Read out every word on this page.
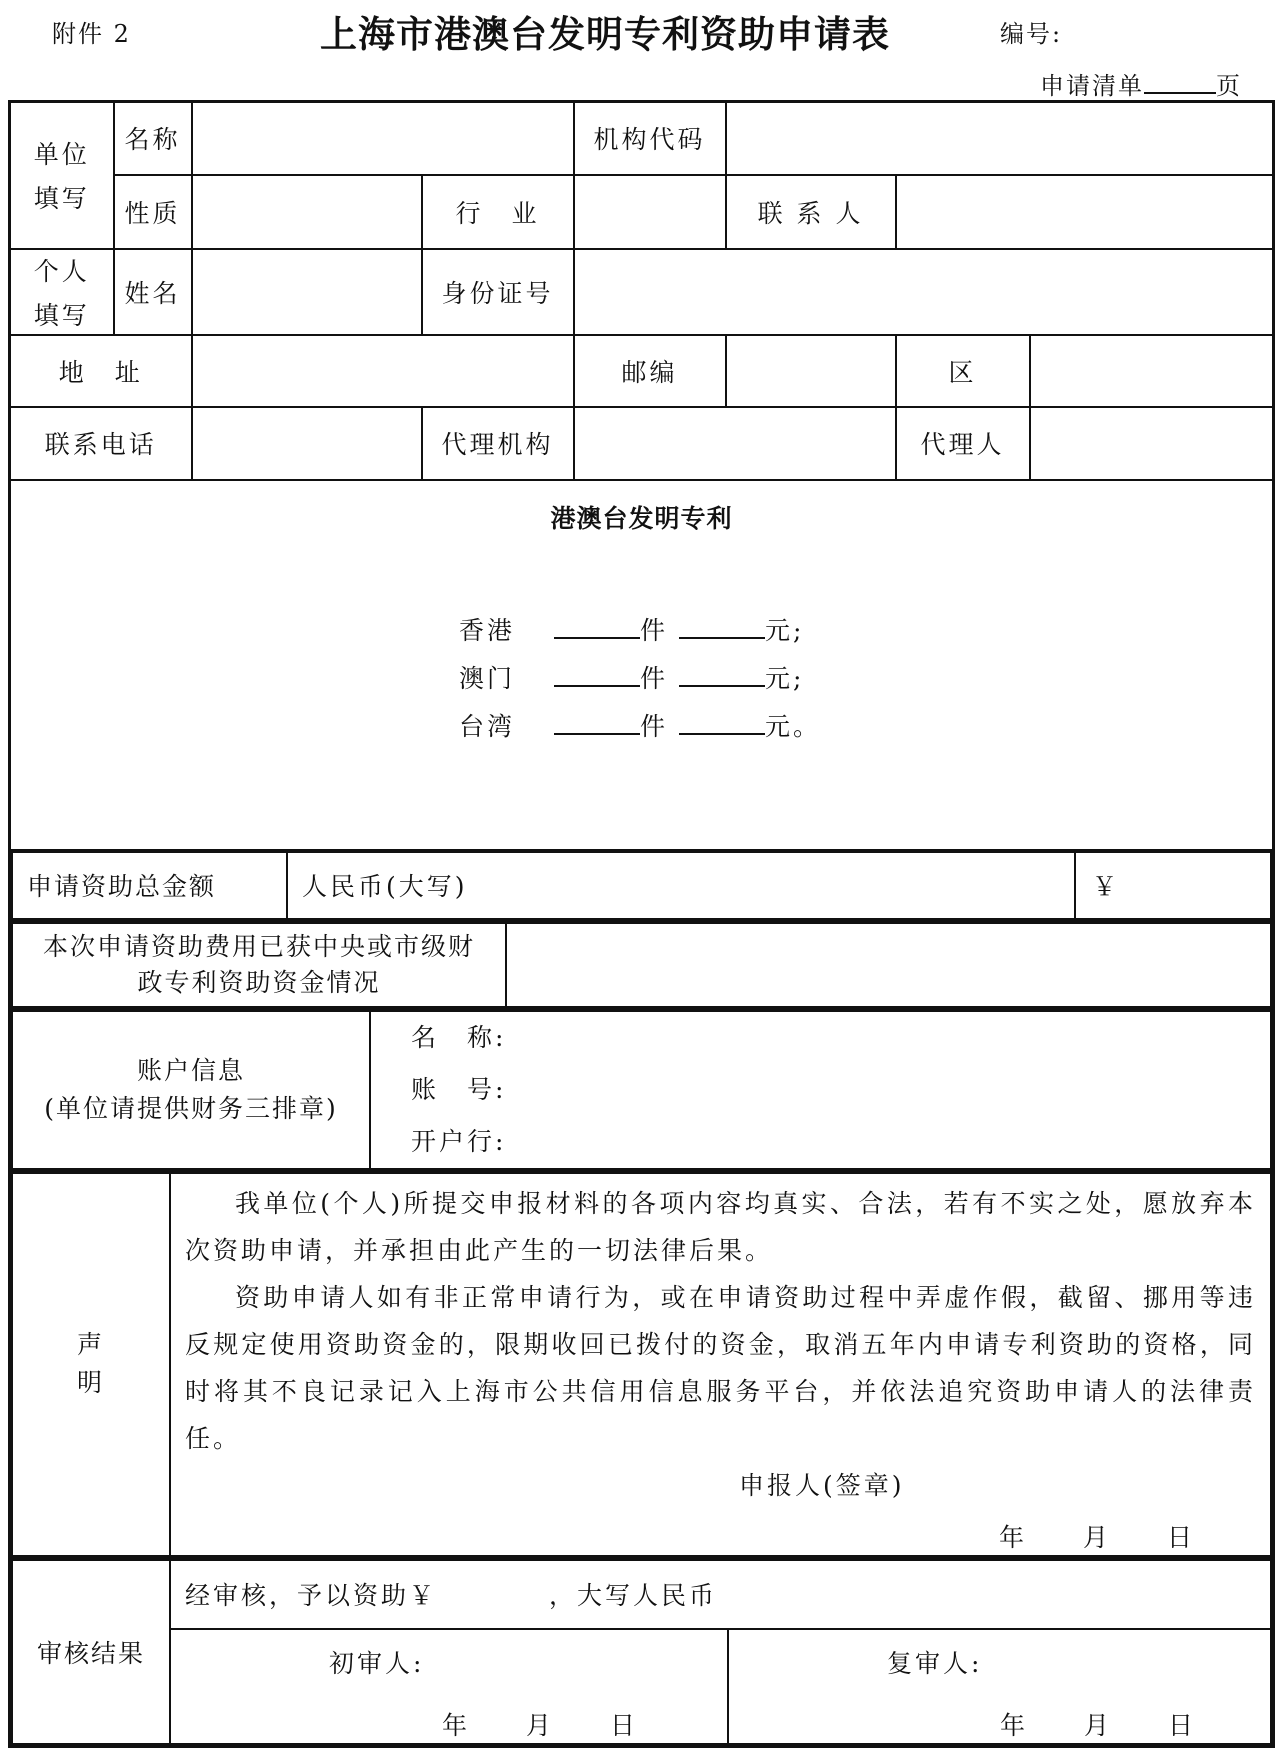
附件 2	上海市港澳台发明专利资助申请表	编号:
申请清单	页
单位
填写
	名称		机构代码	
性质		行　业		联 系 人	

个人
填写
	姓名		身份证号	
地　址		邮编		区	
联系电话		代理机构		代理人	

港澳台发明专利
香港　	件	元;
澳门　	件	元;
台湾　	件	元。

申请资助总金额	人民币(大写)	￥

本次申请资助费用已获中央或市级财
政专利资助资金情况

账户信息
(单位请提供财务三排章)

名　称:
账　号:
开户行:

声
明

我单位(个人)所提交申报材料的各项内容均真实、合法，若有不实之处，愿放弃本次资助申请，并承担由此产生的一切法律后果。

资助申请人如有非正常申请行为，或在申请资助过程中弄虚作假，截留、挪用等违反规定使用资助资金的，限期收回已拨付的资金，取消五年内申请专利资助的资格，同时将其不良记录记入上海市公共信用信息服务平台，并依法追究资助申请人的法律责任。

申报人(签章)
年　　月　　日

审核结果	经审核，予以资助￥　　　　，大写人民币

初审人:
年　　月　　日

复审人:
年　　月　　日
